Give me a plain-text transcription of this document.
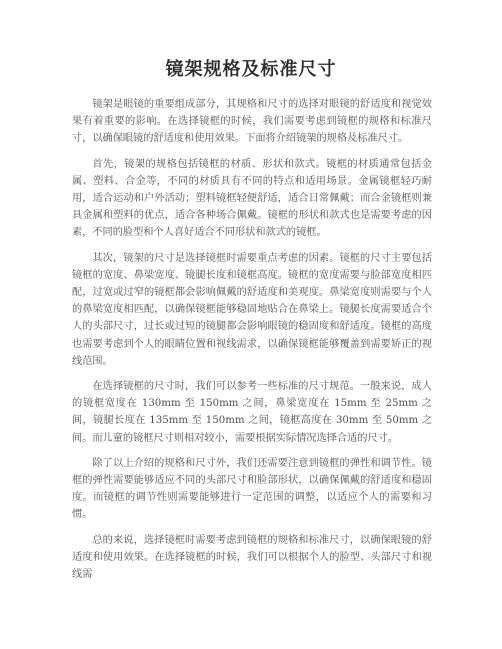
镜架规格及标准尺寸

镜架是眼镜的重要组成部分，其规格和尺寸的选择对眼镜的舒适度和视觉效果有着重要的影响。在选择镜框的时候，我们需要考虑到镜框的规格和标准尺寸，以确保眼镜的舒适度和使用效果。下面将介绍镜架的规格及标准尺寸。

首先，镜架的规格包括镜框的材质、形状和款式。镜框的材质通常包括金属、塑料、合金等，不同的材质具有不同的特点和适用场景。金属镜框轻巧耐用，适合运动和户外活动；塑料镜框轻便舒适，适合日常佩戴；而合金镜框则兼具金属和塑料的优点，适合各种场合佩戴。镜框的形状和款式也是需要考虑的因素，不同的脸型和个人喜好适合不同形状和款式的镜框。

其次，镜架的尺寸是选择镜框时需要重点考虑的因素。镜框的尺寸主要包括镜框的宽度、鼻梁宽度、镜腿长度和镜框高度。镜框的宽度需要与脸部宽度相匹配，过宽或过窄的镜框都会影响佩戴的舒适度和美观度。鼻梁宽度则需要与个人的鼻梁宽度相匹配，以确保镜框能够稳固地贴合在鼻梁上。镜腿长度需要适合个人的头部尺寸，过长或过短的镜腿都会影响眼镜的稳固度和舒适度。镜框的高度也需要考虑到个人的眼睛位置和视线需求，以确保镜框能够覆盖到需要矫正的视线范围。

在选择镜框的尺寸时，我们可以参考一些标准的尺寸规范。一般来说，成人的镜框宽度在 130mm 至 150mm 之间，鼻梁宽度在 15mm 至 25mm 之间，镜腿长度在 135mm 至 150mm 之间，镜框高度在 30mm 至 50mm 之间。而儿童的镜框尺寸则相对较小，需要根据实际情况选择合适的尺寸。

除了以上介绍的规格和尺寸外，我们还需要注意到镜框的弹性和调节性。镜框的弹性需要能够适应不同的头部尺寸和脸部形状，以确保佩戴的舒适度和稳固度。而镜框的调节性则需要能够进行一定范围的调整，以适应个人的需要和习惯。

总的来说，选择镜框时需要考虑到镜框的规格和标准尺寸，以确保眼镜的舒适度和使用效果。在选择镜框的时候，我们可以根据个人的脸型、头部尺寸和视线需
